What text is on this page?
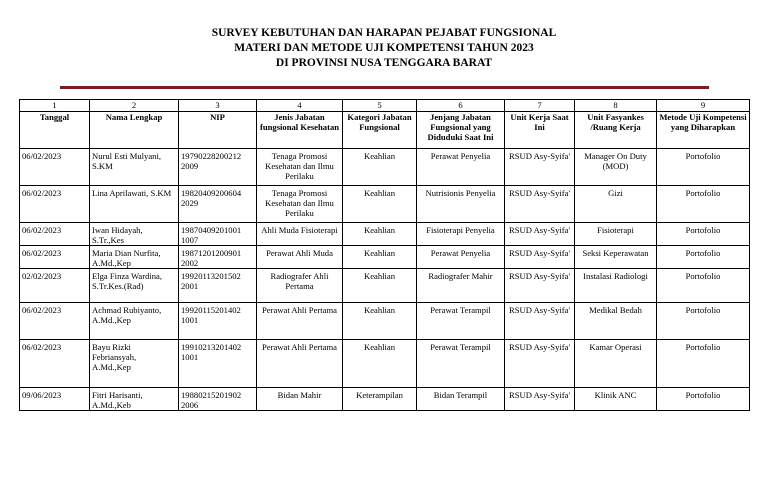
SURVEY KEBUTUHAN DAN HARAPAN PEJABAT FUNGSIONAL
MATERI DAN METODE UJI KOMPETENSI TAHUN 2023
DI PROVINSI NUSA TENGGARA BARAT
1	2	3	4	5	6	7	8	9
Tanggal	Nama Lengkap	NIP	Jenis Jabatan fungsional Kesehatan	Kategori Jabatan Fungsional	Jenjang Jabatan Fungsional yang Diduduki Saat Ini	Unit Kerja Saat Ini	Unit Fasyankes /Ruang Kerja	Metode Uji Kompetensi yang Diharapkan
06/02/2023	Nurul Esti Mulyani, S.KM	19790228200212 2009	Tenaga Promosi Kesehatan dan Ilmu Perilaku	Keahlian	Perawat Penyelia	RSUD Asy-Syifa'	Manager On Duty (MOD)	Portofolio
06/02/2023	Lina Aprilawati, S.KM	19820409200604 2029	Tenaga Promosi Kesehatan dan Ilmu Perilaku	Keahlian	Nutrisionis Penyelia	RSUD Asy-Syifa'	Gizi	Portofolio
06/02/2023	Iwan Hidayah, S.Tr.,Kes	19870409201001 1007	Ahli Muda Fisioterapi	Keahlian	Fisioterapi Penyelia	RSUD Asy-Syifa'	Fisioterapi	Portofolio
06/02/2023	Maria Dian Nurfita, A.Md.,Kep	19871201200901 2002	Perawat Ahli Muda	Keahlian	Perawat Penyelia	RSUD Asy-Syifa'	Seksi Keperawatan	Portofolio
02/02/2023	Elga Finza Wardina, S.Tr.Kes.(Rad)	19920113201502 2001	Radiografer Ahli Pertama	Keahlian	Radiografer Mahir	RSUD Asy-Syifa'	Instalasi Radiologi	Portofolio
06/02/2023	Achmad Rubiyanto, A.Md.,Kep	19920115201402 1001	Perawat Ahli Pertama	Keahlian	Perawat Terampil	RSUD Asy-Syifa'	Medikal Bedah	Portofolio
06/02/2023	Bayu Rizki Febriansyah, A.Md.,Kep	19910213201402 1001	Perawat Ahli Pertama	Keahlian	Perawat Terampil	RSUD Asy-Syifa'	Kamar Operasi	Portofolio
09/06/2023	Fitri Harisanti, A.Md.,Keb	19880215201902 2006	Bidan Mahir	Keterampilan	Bidan Terampil	RSUD Asy-Syifa'	Klinik ANC	Portofolio
